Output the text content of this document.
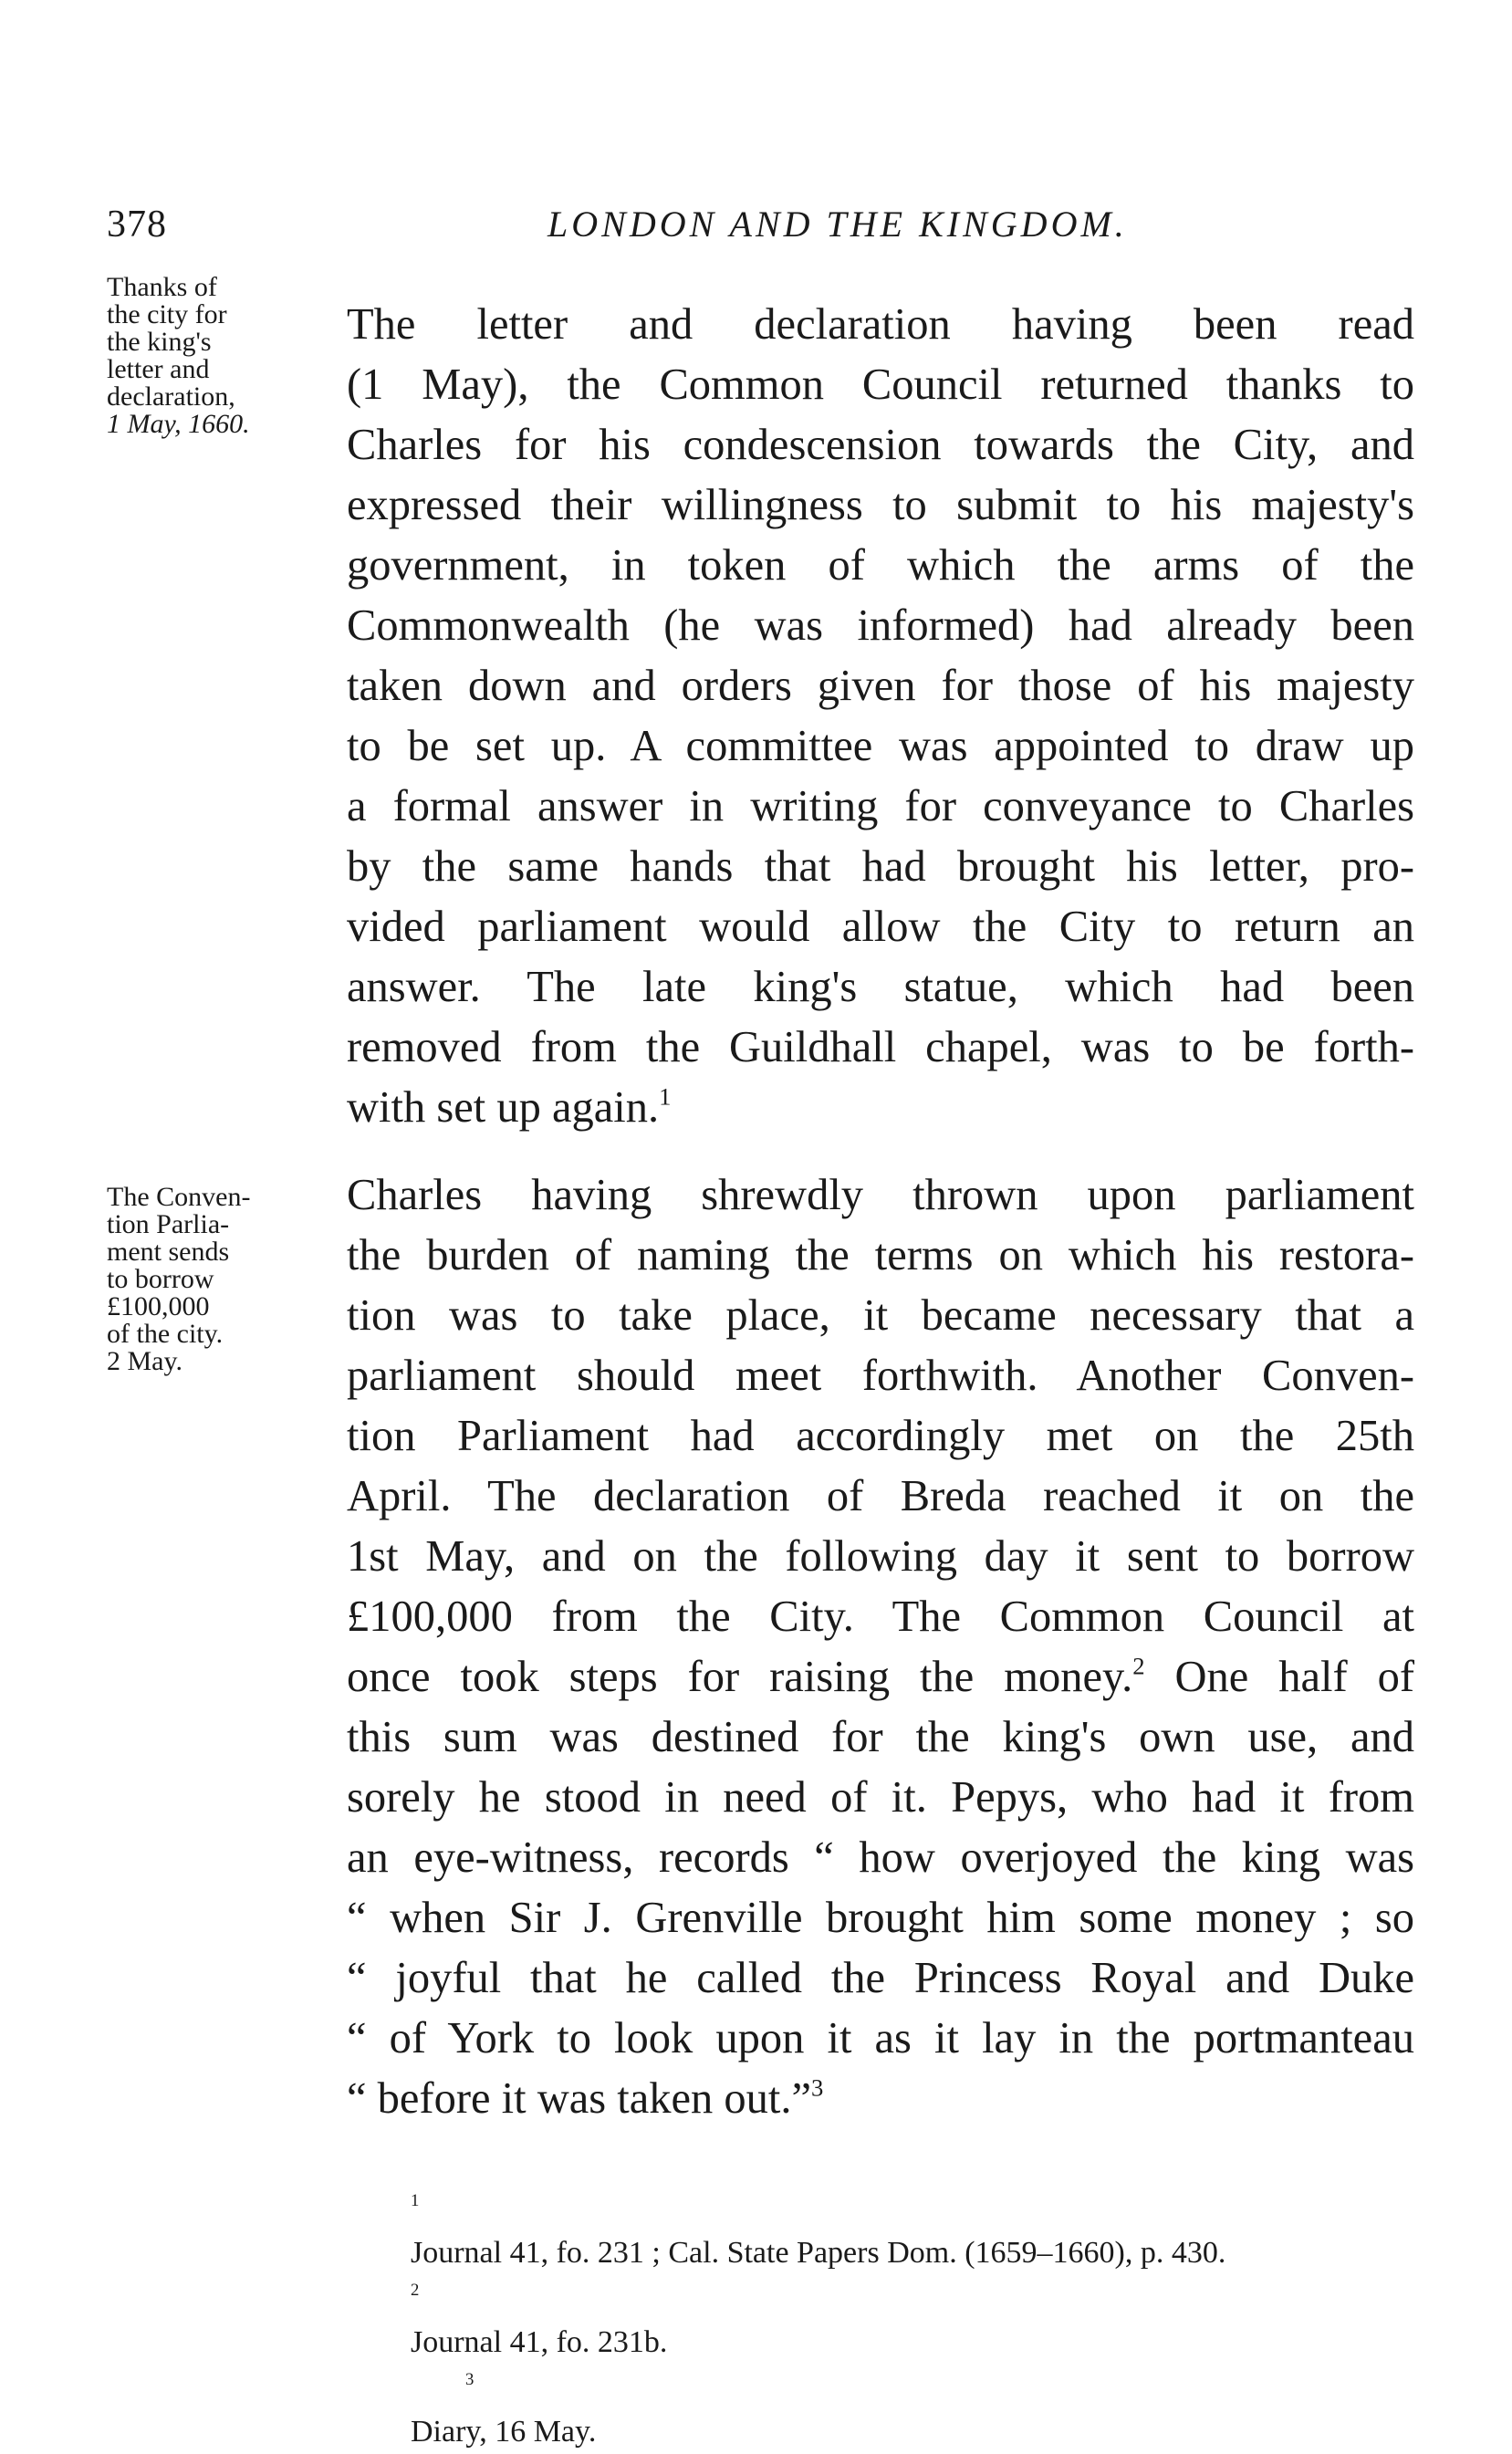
378	LONDON AND THE KINGDOM.
Thanks of
the city for
the king's
letter and
declaration,
1 May, 1660.
The Conven-
tion Parlia-
ment sends
to borrow
£100,000
of the city.
2 May.
The letter and declaration having been read
(1 May), the Common Council returned thanks to
Charles for his condescension towards the City, and
expressed their willingness to submit to his majesty's
government, in token of which the arms of the
Commonwealth (he was informed) had already been
taken down and orders given for those of his majesty
to be set up. A committee was appointed to draw up
a formal answer in writing for conveyance to Charles
by the same hands that had brought his letter, pro-
vided parliament would allow the City to return an
answer. The late king's statue, which had been
removed from the Guildhall chapel, was to be forth-
with set up again.$^1$
Charles having shrewdly thrown upon parliament
the burden of naming the terms on which his restora-
tion was to take place, it became necessary that a
parliament should meet forthwith. Another Conven-
tion Parliament had accordingly met on the 25th
April. The declaration of Breda reached it on the
1st May, and on the following day it sent to borrow
£100,000 from the City. The Common Council at
once took steps for raising the money.$^2$ One half of
this sum was destined for the king's own use, and
sorely he stood in need of it. Pepys, who had it from
an eye-witness, records “ how overjoyed the king was
“ when Sir J. Grenville brought him some money ; so
“ joyful that he called the Princess Royal and Duke
“ of York to look upon it as it lay in the portmanteau
“ before it was taken out.”$^3$
$^1$
Journal 41, fo. 231 ; Cal. State Papers Dom. (1659–1660), p. 430.
$^2$
Journal 41, fo. 231b.
$^3$
Diary, 16 May.
